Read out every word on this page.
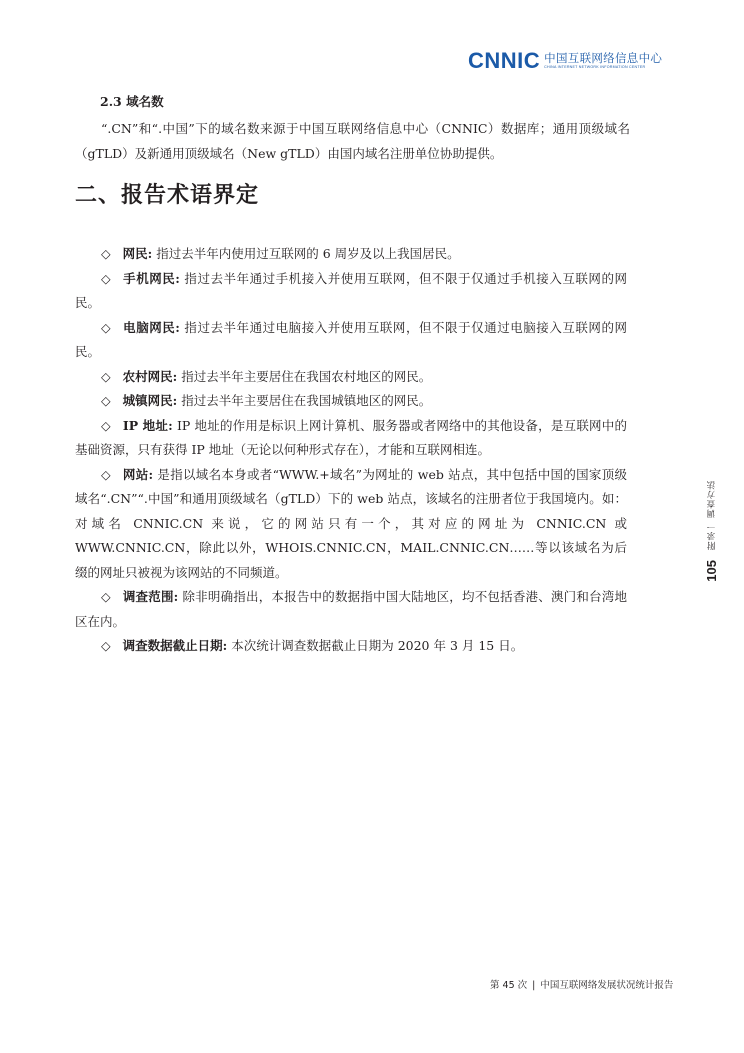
CNNIC 中国互联网络信息中心
CHINA INTERNET NETWORK INFORMATION CENTER
2.3 域名数
“.CN”和“.中国”下的域名数来源于中国互联网络信息中心（CNNIC）数据库；通用顶级域名（gTLD）及新通用顶级域名（New gTLD）由国内域名注册单位协助提供。
二、报告术语界定
◇ 网民: 指过去半年内使用过互联网的 6 周岁及以上我国居民。
◇ 手机网民: 指过去半年通过手机接入并使用互联网，但不限于仅通过手机接入互联网的网民。
◇ 电脑网民: 指过去半年通过电脑接入并使用互联网，但不限于仅通过电脑接入互联网的网民。
◇ 农村网民: 指过去半年主要居住在我国农村地区的网民。
◇ 城镇网民: 指过去半年主要居住在我国城镇地区的网民。
◇ IP 地址: IP 地址的作用是标识上网计算机、服务器或者网络中的其他设备，是互联网中的基础资源，只有获得 IP 地址（无论以何种形式存在），才能和互联网相连。
◇ 网站: 是指以域名本身或者“WWW.+域名”为网址的 web 站点，其中包括中国的国家顶级域名“.CN”“.中国”和通用顶级域名（gTLD）下的 web 站点，该域名的注册者位于我国境内。如：对域名 CNNIC.CN 来说，它的网站只有一个，其对应的网址为 CNNIC.CN 或 WWW.CNNIC.CN，除此以外，WHOIS.CNNIC.CN，MAIL.CNNIC.CN……等以该域名为后缀的网址只被视为该网站的不同频道。
◇ 调查范围: 除非明确指出，本报告中的数据指中国大陆地区，均不包括香港、澳门和台湾地区在内。
◇ 调查数据截止日期: 本次统计调查数据截止日期为 2020 年 3 月 15 日。
附录一 调查方法
105
第 45 次 | 中国互联网络发展状况统计报告
